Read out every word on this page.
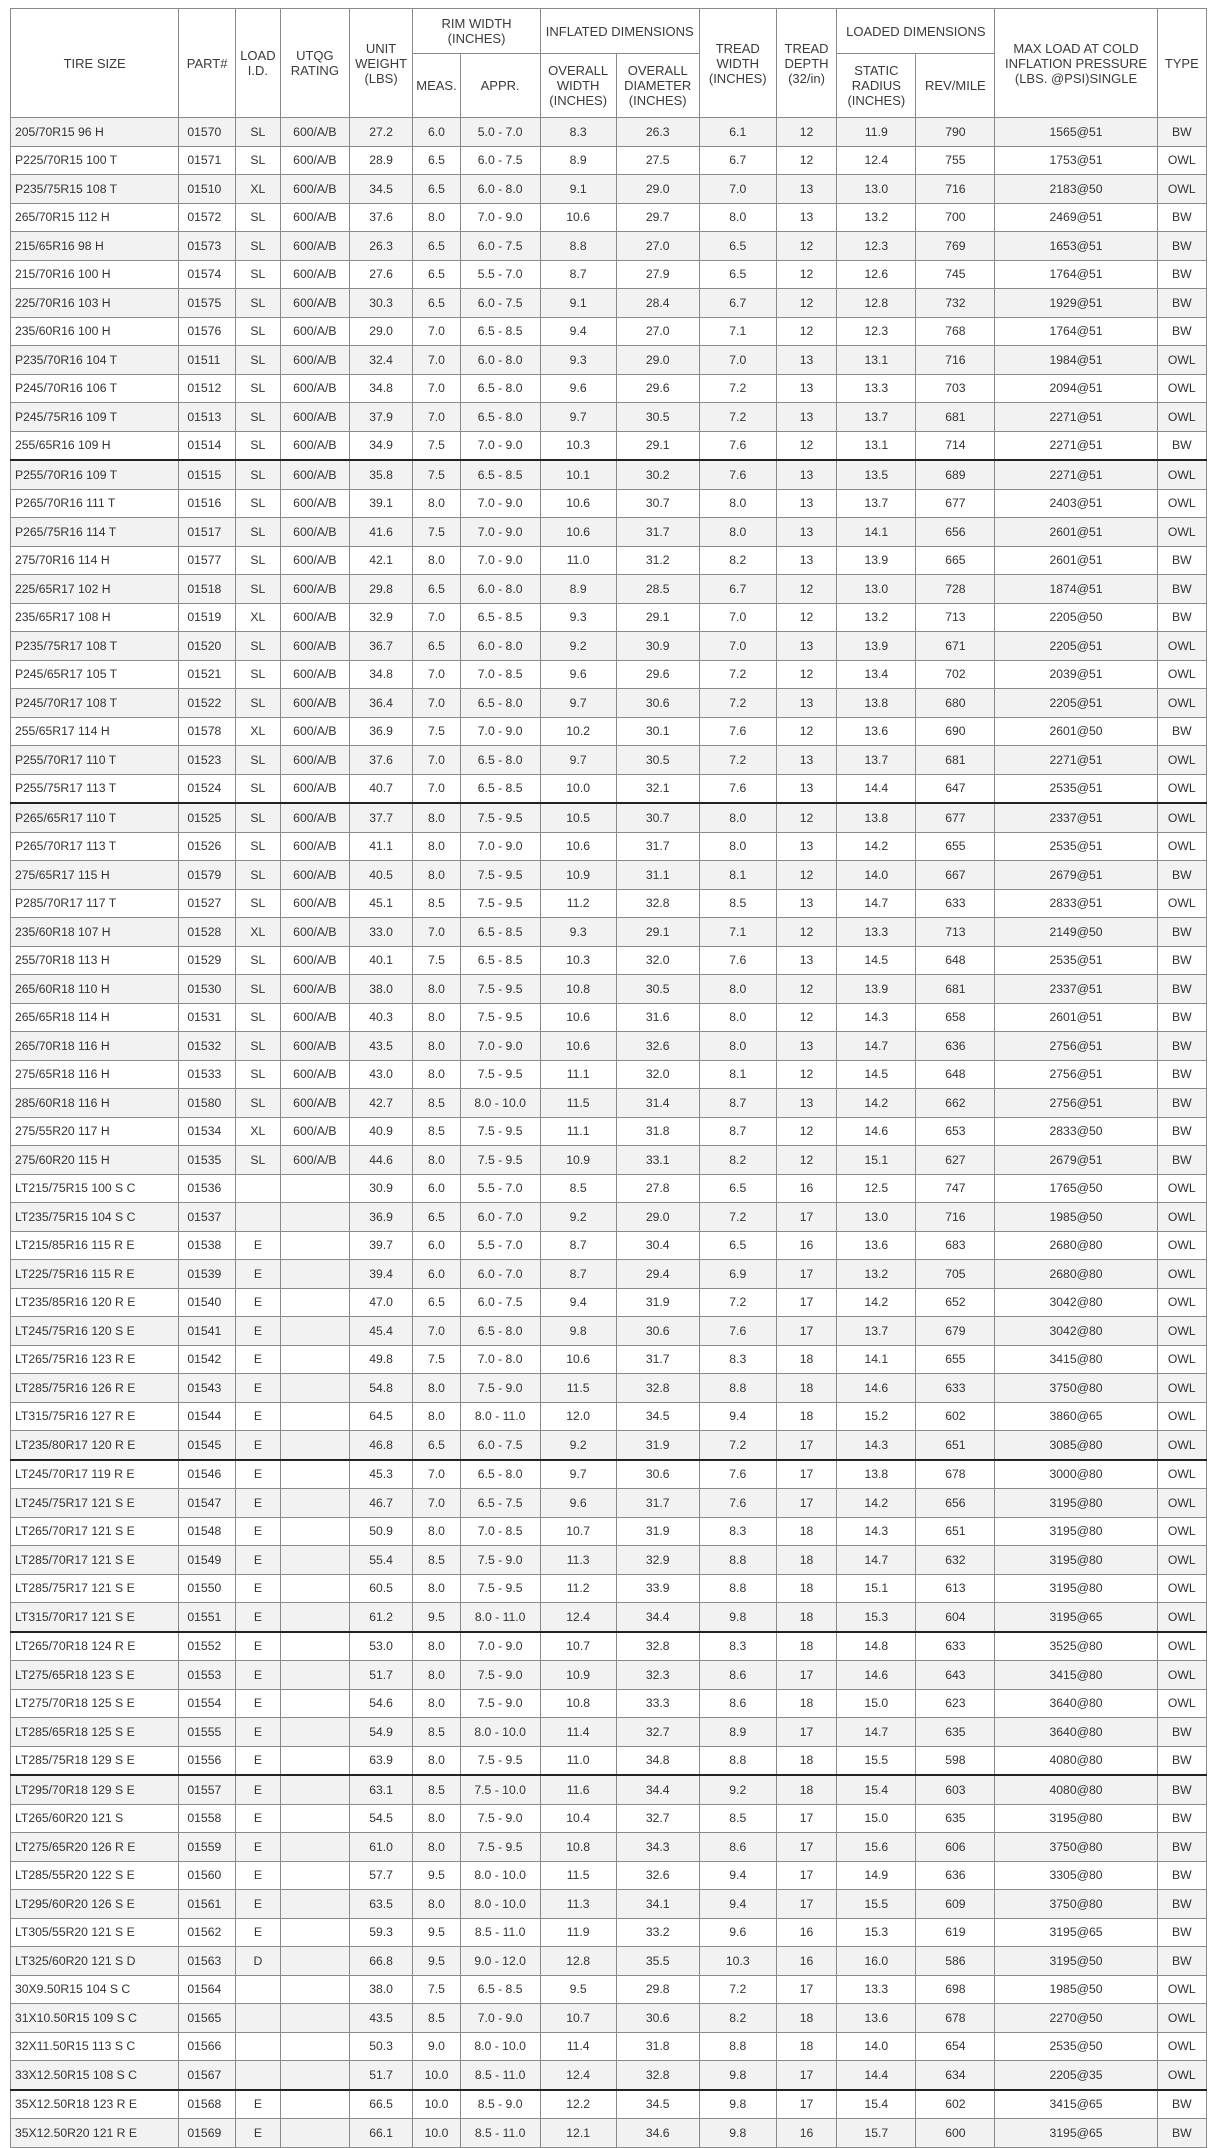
TIRE SIZE	PART#	LOAD I.D.	UTQG RATING	UNIT WEIGHT (LBS)	RIM WIDTH (INCHES)		INFLATED DIMENSIONS		TREAD WIDTH (INCHES)	TREAD DEPTH (32/in)	LOADED DIMENSIONS		MAX LOAD AT COLD INFLATION PRESSURE (LBS. @PSI)SINGLE	TYPE
					MEAS.	APPR.	OVERALL WIDTH (INCHES)	OVERALL DIAMETER (INCHES)			STATIC RADIUS (INCHES)	REV/MILE		
205/70R15 96 H	01570	SL	600/A/B	27.2	6.0	5.0 - 7.0	8.3	26.3	6.1	12	11.9	790	1565@51	BW
P225/70R15 100 T	01571	SL	600/A/B	28.9	6.5	6.0 - 7.5	8.9	27.5	6.7	12	12.4	755	1753@51	OWL
P235/75R15 108 T	01510	XL	600/A/B	34.5	6.5	6.0 - 8.0	9.1	29.0	7.0	13	13.0	716	2183@50	OWL
265/70R15 112 H	01572	SL	600/A/B	37.6	8.0	7.0 - 9.0	10.6	29.7	8.0	13	13.2	700	2469@51	BW
215/65R16 98 H	01573	SL	600/A/B	26.3	6.5	6.0 - 7.5	8.8	27.0	6.5	12	12.3	769	1653@51	BW
215/70R16 100 H	01574	SL	600/A/B	27.6	6.5	5.5 - 7.0	8.7	27.9	6.5	12	12.6	745	1764@51	BW
225/70R16 103 H	01575	SL	600/A/B	30.3	6.5	6.0 - 7.5	9.1	28.4	6.7	12	12.8	732	1929@51	BW
235/60R16 100 H	01576	SL	600/A/B	29.0	7.0	6.5 - 8.5	9.4	27.0	7.1	12	12.3	768	1764@51	BW
P235/70R16 104 T	01511	SL	600/A/B	32.4	7.0	6.0 - 8.0	9.3	29.0	7.0	13	13.1	716	1984@51	OWL
P245/70R16 106 T	01512	SL	600/A/B	34.8	7.0	6.5 - 8.0	9.6	29.6	7.2	13	13.3	703	2094@51	OWL
P245/75R16 109 T	01513	SL	600/A/B	37.9	7.0	6.5 - 8.0	9.7	30.5	7.2	13	13.7	681	2271@51	OWL
255/65R16 109 H	01514	SL	600/A/B	34.9	7.5	7.0 - 9.0	10.3	29.1	7.6	12	13.1	714	2271@51	BW
P255/70R16 109 T	01515	SL	600/A/B	35.8	7.5	6.5 - 8.5	10.1	30.2	7.6	13	13.5	689	2271@51	OWL
P265/70R16 111 T	01516	SL	600/A/B	39.1	8.0	7.0 - 9.0	10.6	30.7	8.0	13	13.7	677	2403@51	OWL
P265/75R16 114 T	01517	SL	600/A/B	41.6	7.5	7.0 - 9.0	10.6	31.7	8.0	13	14.1	656	2601@51	OWL
275/70R16 114 H	01577	SL	600/A/B	42.1	8.0	7.0 - 9.0	11.0	31.2	8.2	13	13.9	665	2601@51	BW
225/65R17 102 H	01518	SL	600/A/B	29.8	6.5	6.0 - 8.0	8.9	28.5	6.7	12	13.0	728	1874@51	BW
235/65R17 108 H	01519	XL	600/A/B	32.9	7.0	6.5 - 8.5	9.3	29.1	7.0	12	13.2	713	2205@50	BW
P235/75R17 108 T	01520	SL	600/A/B	36.7	6.5	6.0 - 8.0	9.2	30.9	7.0	13	13.9	671	2205@51	OWL
P245/65R17 105 T	01521	SL	600/A/B	34.8	7.0	7.0 - 8.5	9.6	29.6	7.2	12	13.4	702	2039@51	OWL
P245/70R17 108 T	01522	SL	600/A/B	36.4	7.0	6.5 - 8.0	9.7	30.6	7.2	13	13.8	680	2205@51	OWL
255/65R17 114 H	01578	XL	600/A/B	36.9	7.5	7.0 - 9.0	10.2	30.1	7.6	12	13.6	690	2601@50	BW
P255/70R17 110 T	01523	SL	600/A/B	37.6	7.0	6.5 - 8.0	9.7	30.5	7.2	13	13.7	681	2271@51	OWL
P255/75R17 113 T	01524	SL	600/A/B	40.7	7.0	6.5 - 8.5	10.0	32.1	7.6	13	14.4	647	2535@51	OWL
P265/65R17 110 T	01525	SL	600/A/B	37.7	8.0	7.5 - 9.5	10.5	30.7	8.0	12	13.8	677	2337@51	OWL
P265/70R17 113 T	01526	SL	600/A/B	41.1	8.0	7.0 - 9.0	10.6	31.7	8.0	13	14.2	655	2535@51	OWL
275/65R17 115 H	01579	SL	600/A/B	40.5	8.0	7.5 - 9.5	10.9	31.1	8.1	12	14.0	667	2679@51	BW
P285/70R17 117 T	01527	SL	600/A/B	45.1	8.5	7.5 - 9.5	11.2	32.8	8.5	13	14.7	633	2833@51	OWL
235/60R18 107 H	01528	XL	600/A/B	33.0	7.0	6.5 - 8.5	9.3	29.1	7.1	12	13.3	713	2149@50	BW
255/70R18 113 H	01529	SL	600/A/B	40.1	7.5	6.5 - 8.5	10.3	32.0	7.6	13	14.5	648	2535@51	BW
265/60R18 110 H	01530	SL	600/A/B	38.0	8.0	7.5 - 9.5	10.8	30.5	8.0	12	13.9	681	2337@51	BW
265/65R18 114 H	01531	SL	600/A/B	40.3	8.0	7.5 - 9.5	10.6	31.6	8.0	12	14.3	658	2601@51	BW
265/70R18 116 H	01532	SL	600/A/B	43.5	8.0	7.0 - 9.0	10.6	32.6	8.0	13	14.7	636	2756@51	BW
275/65R18 116 H	01533	SL	600/A/B	43.0	8.0	7.5 - 9.5	11.1	32.0	8.1	12	14.5	648	2756@51	BW
285/60R18 116 H	01580	SL	600/A/B	42.7	8.5	8.0 - 10.0	11.5	31.4	8.7	13	14.2	662	2756@51	BW
275/55R20 117 H	01534	XL	600/A/B	40.9	8.5	7.5 - 9.5	11.1	31.8	8.7	12	14.6	653	2833@50	BW
275/60R20 115 H	01535	SL	600/A/B	44.6	8.0	7.5 - 9.5	10.9	33.1	8.2	12	15.1	627	2679@51	BW
LT215/75R15 100 S C	01536			30.9	6.0	5.5 - 7.0	8.5	27.8	6.5	16	12.5	747	1765@50	OWL
LT235/75R15 104 S C	01537			36.9	6.5	6.0 - 7.0	9.2	29.0	7.2	17	13.0	716	1985@50	OWL
LT215/85R16 115 R E	01538	E		39.7	6.0	5.5 - 7.0	8.7	30.4	6.5	16	13.6	683	2680@80	OWL
LT225/75R16 115 R E	01539	E		39.4	6.0	6.0 - 7.0	8.7	29.4	6.9	17	13.2	705	2680@80	OWL
LT235/85R16 120 R E	01540	E		47.0	6.5	6.0 - 7.5	9.4	31.9	7.2	17	14.2	652	3042@80	OWL
LT245/75R16 120 S E	01541	E		45.4	7.0	6.5 - 8.0	9.8	30.6	7.6	17	13.7	679	3042@80	OWL
LT265/75R16 123 R E	01542	E		49.8	7.5	7.0 - 8.0	10.6	31.7	8.3	18	14.1	655	3415@80	OWL
LT285/75R16 126 R E	01543	E		54.8	8.0	7.5 - 9.0	11.5	32.8	8.8	18	14.6	633	3750@80	OWL
LT315/75R16 127 R E	01544	E		64.5	8.0	8.0 - 11.0	12.0	34.5	9.4	18	15.2	602	3860@65	OWL
LT235/80R17 120 R E	01545	E		46.8	6.5	6.0 - 7.5	9.2	31.9	7.2	17	14.3	651	3085@80	OWL
LT245/70R17 119 R E	01546	E		45.3	7.0	6.5 - 8.0	9.7	30.6	7.6	17	13.8	678	3000@80	OWL
LT245/75R17 121 S E	01547	E		46.7	7.0	6.5 - 7.5	9.6	31.7	7.6	17	14.2	656	3195@80	OWL
LT265/70R17 121 S E	01548	E		50.9	8.0	7.0 - 8.5	10.7	31.9	8.3	18	14.3	651	3195@80	OWL
LT285/70R17 121 S E	01549	E		55.4	8.5	7.5 - 9.0	11.3	32.9	8.8	18	14.7	632	3195@80	OWL
LT285/75R17 121 S E	01550	E		60.5	8.0	7.5 - 9.5	11.2	33.9	8.8	18	15.1	613	3195@80	OWL
LT315/70R17 121 S E	01551	E		61.2	9.5	8.0 - 11.0	12.4	34.4	9.8	18	15.3	604	3195@65	OWL
LT265/70R18 124 R E	01552	E		53.0	8.0	7.0 - 9.0	10.7	32.8	8.3	18	14.8	633	3525@80	OWL
LT275/65R18 123 S E	01553	E		51.7	8.0	7.5 - 9.0	10.9	32.3	8.6	17	14.6	643	3415@80	OWL
LT275/70R18 125 S E	01554	E		54.6	8.0	7.5 - 9.0	10.8	33.3	8.6	18	15.0	623	3640@80	OWL
LT285/65R18 125 S E	01555	E		54.9	8.5	8.0 - 10.0	11.4	32.7	8.9	17	14.7	635	3640@80	BW
LT285/75R18 129 S E	01556	E		63.9	8.0	7.5 - 9.5	11.0	34.8	8.8	18	15.5	598	4080@80	BW
LT295/70R18 129 S E	01557	E		63.1	8.5	7.5 - 10.0	11.6	34.4	9.2	18	15.4	603	4080@80	BW
LT265/60R20 121 S	01558	E		54.5	8.0	7.5 - 9.0	10.4	32.7	8.5	17	15.0	635	3195@80	BW
LT275/65R20 126 R E	01559	E		61.0	8.0	7.5 - 9.5	10.8	34.3	8.6	17	15.6	606	3750@80	BW
LT285/55R20 122 S E	01560	E		57.7	9.5	8.0 - 10.0	11.5	32.6	9.4	17	14.9	636	3305@80	BW
LT295/60R20 126 S E	01561	E		63.5	8.0	8.0 - 10.0	11.3	34.1	9.4	17	15.5	609	3750@80	BW
LT305/55R20 121 S E	01562	E		59.3	9.5	8.5 - 11.0	11.9	33.2	9.6	16	15.3	619	3195@65	BW
LT325/60R20 121 S D	01563	D		66.8	9.5	9.0 - 12.0	12.8	35.5	10.3	16	16.0	586	3195@50	BW
30X9.50R15 104 S C	01564			38.0	7.5	6.5 - 8.5	9.5	29.8	7.2	17	13.3	698	1985@50	OWL
31X10.50R15 109 S C	01565			43.5	8.5	7.0 - 9.0	10.7	30.6	8.2	18	13.6	678	2270@50	OWL
32X11.50R15 113 S C	01566			50.3	9.0	8.0 - 10.0	11.4	31.8	8.8	18	14.0	654	2535@50	OWL
33X12.50R15 108 S C	01567			51.7	10.0	8.5 - 11.0	12.4	32.8	9.8	17	14.4	634	2205@35	OWL
35X12.50R18 123 R E	01568	E		66.5	10.0	8.5 - 9.0	12.2	34.5	9.8	17	15.4	602	3415@65	BW
35X12.50R20 121 R E	01569	E		66.1	10.0	8.5 - 11.0	12.1	34.6	9.8	16	15.7	600	3195@65	BW
